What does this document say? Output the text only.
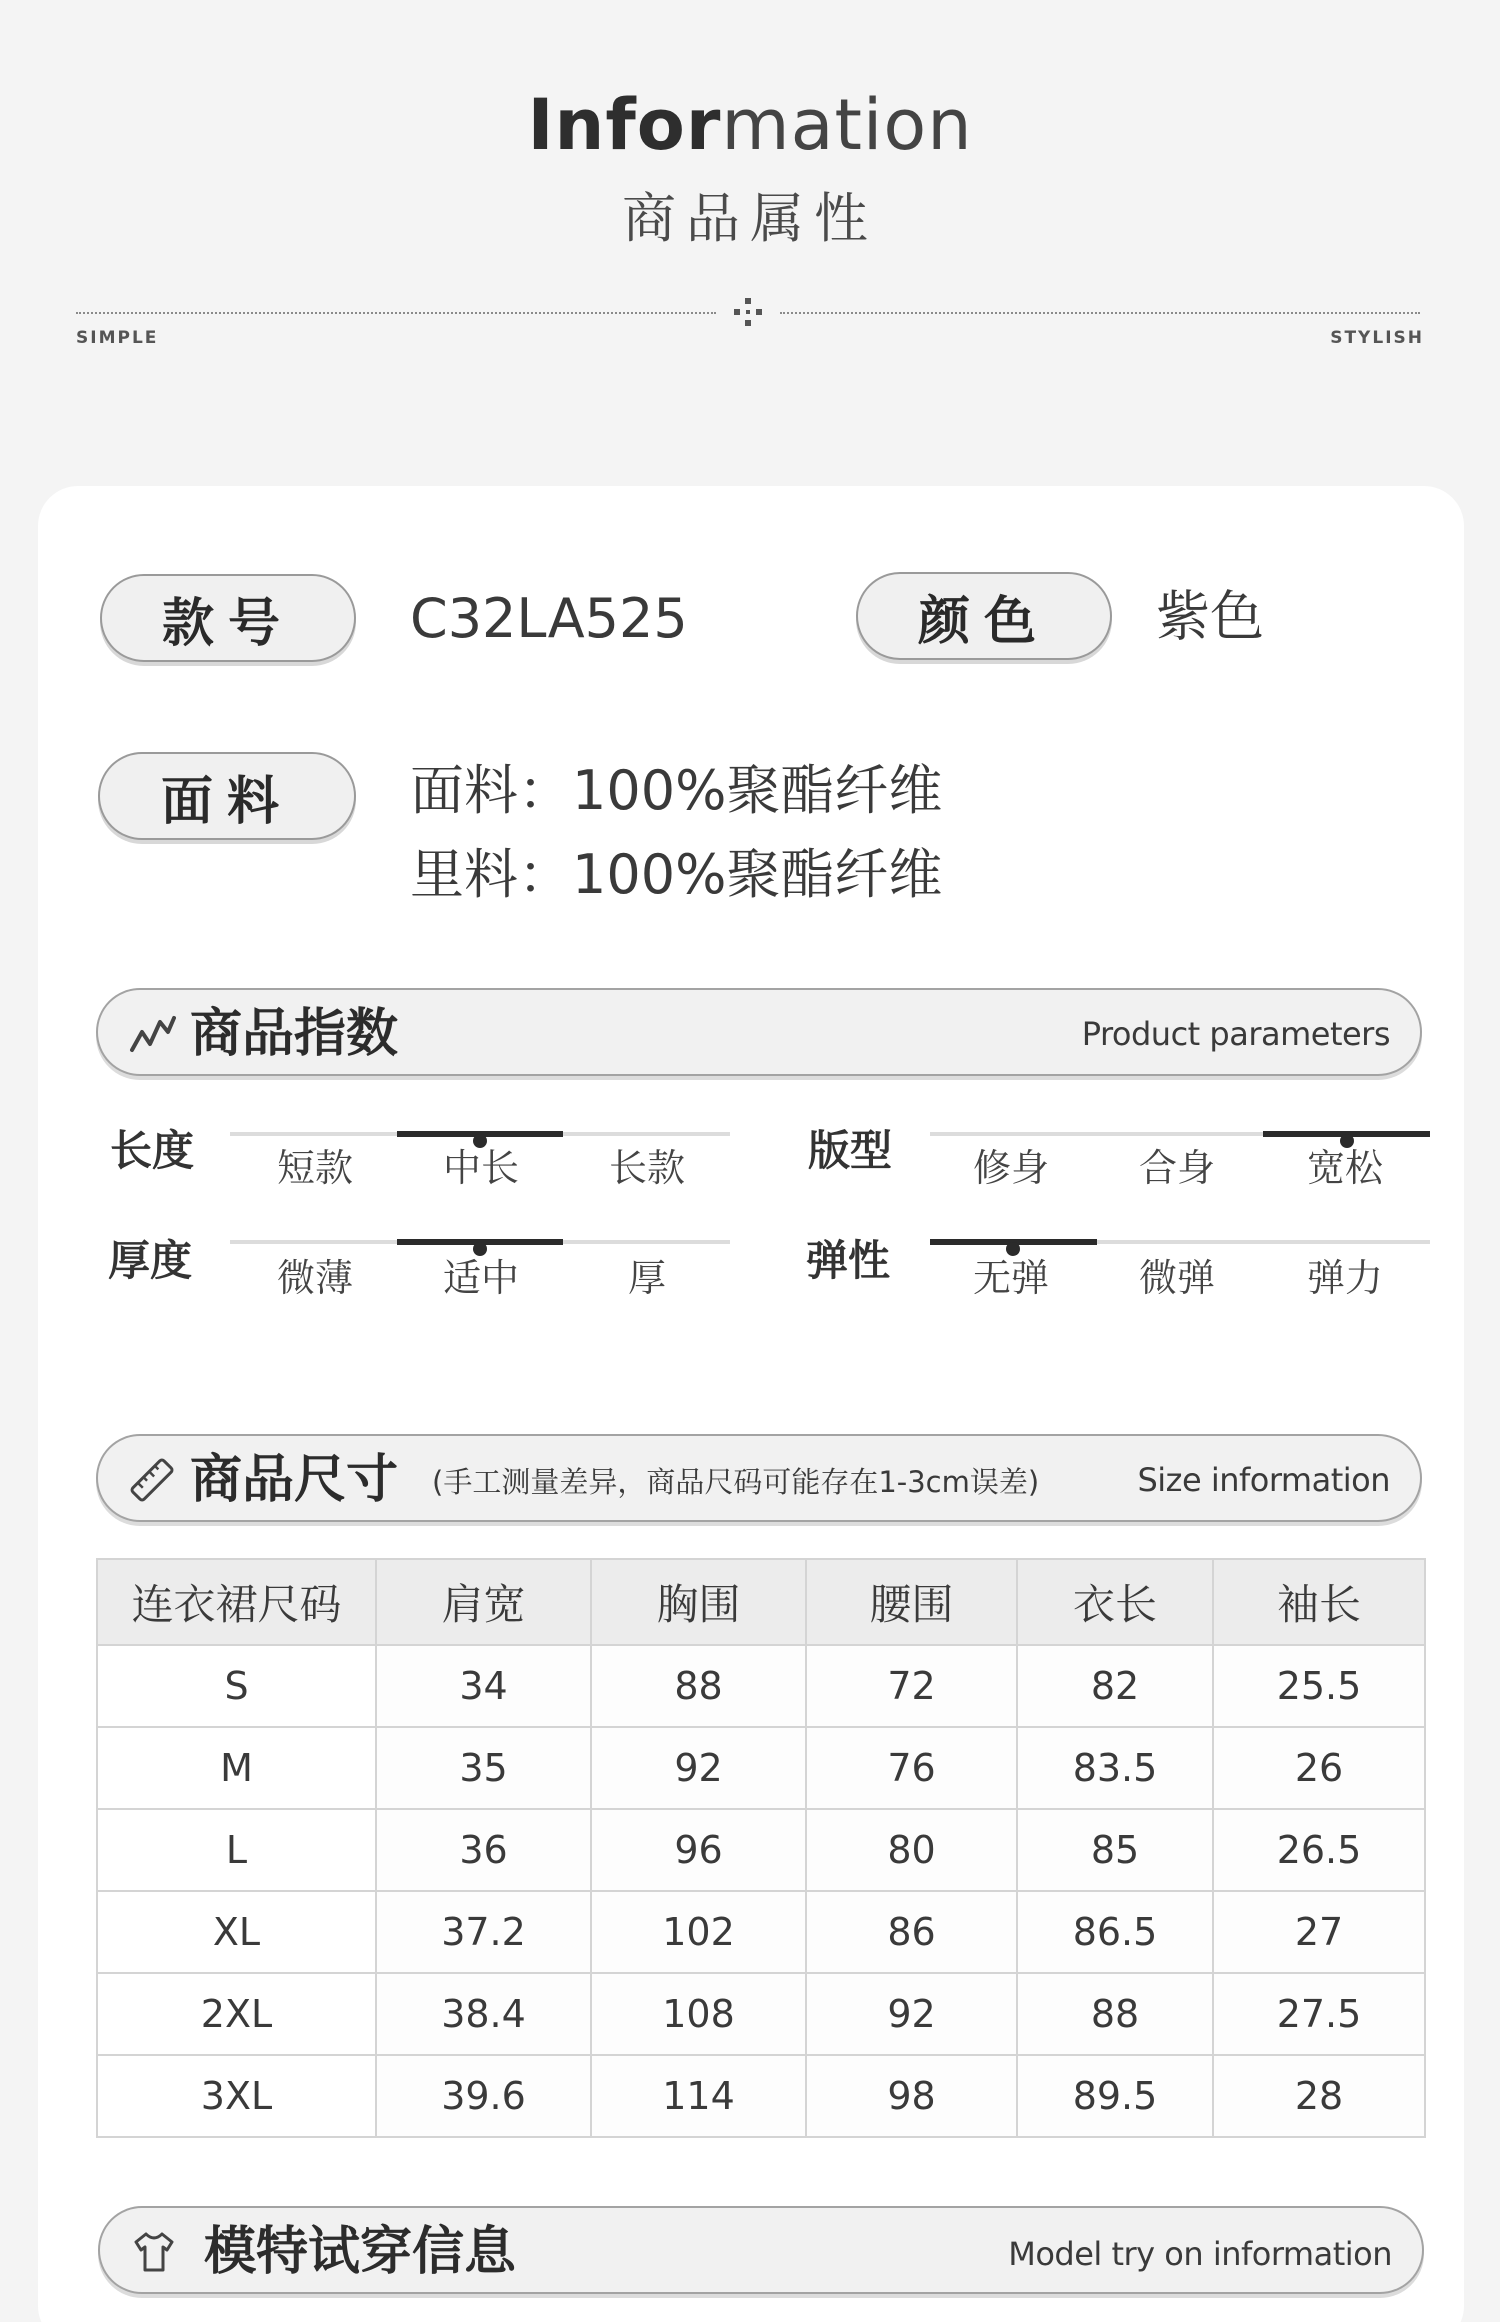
Information
商品属性
SIMPLE	STYLISH
款号	C32LA525	颜色	紫色
面料	面料：100%聚酯纤维
里料：100%聚酯纤维
商品指数	Product parameters
长度	短款	中长	长款	版型	修身	合身	宽松
厚度	微薄	适中	厚	弹性	无弹	微弹	弹力
商品尺寸 (手工测量差异，商品尺码可能存在1-3cm误差)	Size information
连衣裙尺码	肩宽	胸围	腰围	衣长	袖长
S	34	88	72	82	25.5
M	35	92	76	83.5	26
L	36	96	80	85	26.5
XL	37.2	102	86	86.5	27
2XL	38.4	108	92	88	27.5
3XL	39.6	114	98	89.5	28
模特试穿信息	Model try on information
